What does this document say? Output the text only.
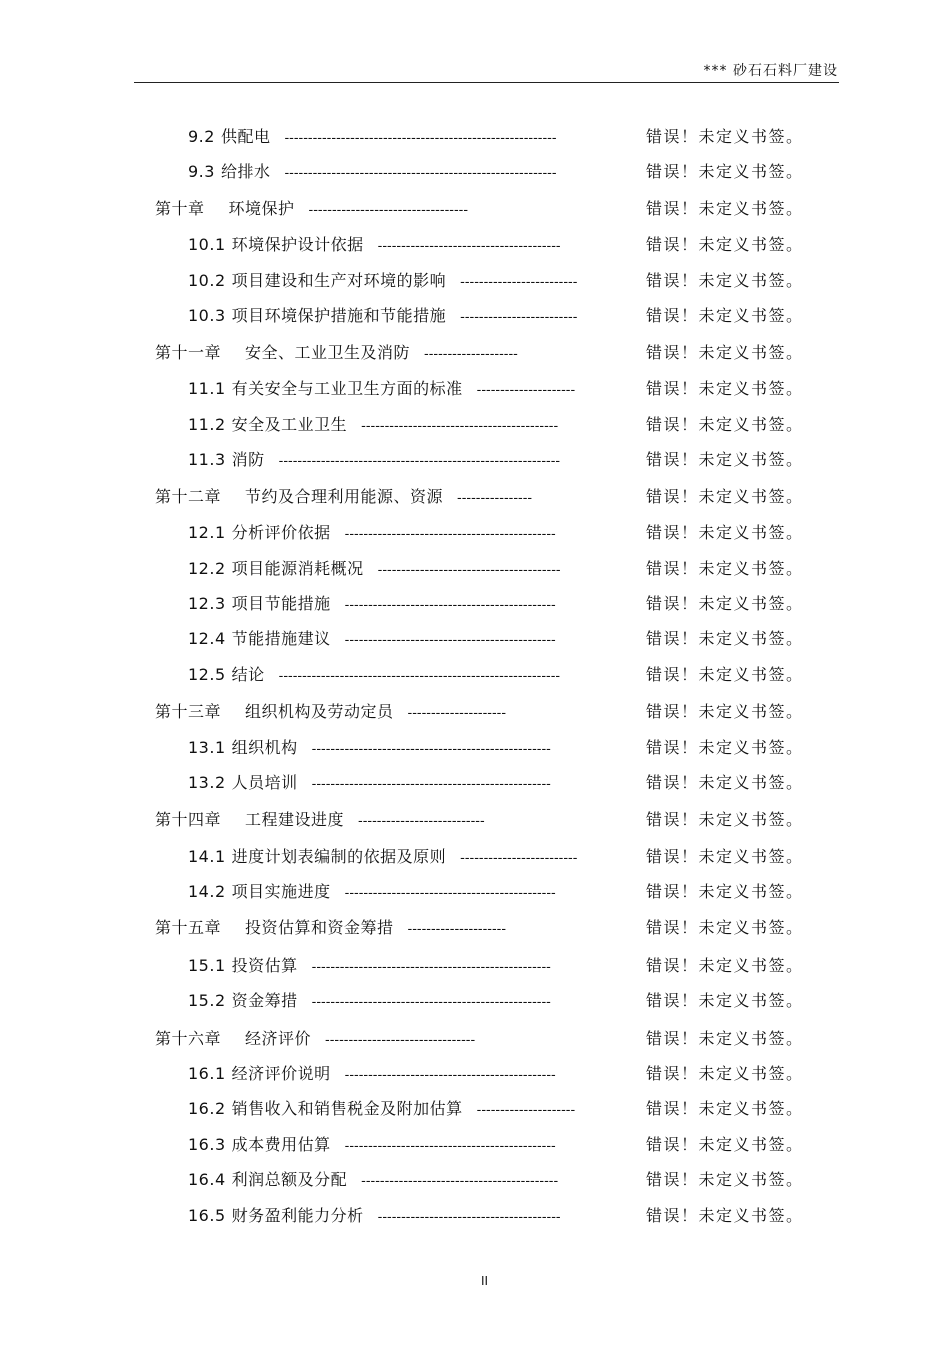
*** 砂石石料厂建设
9.2 供配电 ----------------------------------------------------------	错误！未定义书签。
9.3 给排水 ----------------------------------------------------------	错误！未定义书签。
第十章 环境保护 ----------------------------------	错误！未定义书签。
10.1 环境保护设计依据 ---------------------------------------	错误！未定义书签。
10.2 项目建设和生产对环境的影响 -------------------------	错误！未定义书签。
10.3 项目环境保护措施和节能措施 -------------------------	错误！未定义书签。
第十一章 安全、工业卫生及消防 --------------------	错误！未定义书签。
11.1 有关安全与工业卫生方面的标准 ---------------------	错误！未定义书签。
11.2 安全及工业卫生 ------------------------------------------	错误！未定义书签。
11.3 消防 ------------------------------------------------------------	错误！未定义书签。
第十二章 节约及合理利用能源、资源 ----------------	错误！未定义书签。
12.1 分析评价依据 ---------------------------------------------	错误！未定义书签。
12.2 项目能源消耗概况 ---------------------------------------	错误！未定义书签。
12.3 项目节能措施 ---------------------------------------------	错误！未定义书签。
12.4 节能措施建议 ---------------------------------------------	错误！未定义书签。
12.5 结论 ------------------------------------------------------------	错误！未定义书签。
第十三章 组织机构及劳动定员 ---------------------	错误！未定义书签。
13.1 组织机构 ---------------------------------------------------	错误！未定义书签。
13.2 人员培训 ---------------------------------------------------	错误！未定义书签。
第十四章 工程建设进度 ---------------------------	错误！未定义书签。
14.1 进度计划表编制的依据及原则 -------------------------	错误！未定义书签。
14.2 项目实施进度 ---------------------------------------------	错误！未定义书签。
第十五章 投资估算和资金筹措 ---------------------	错误！未定义书签。
15.1 投资估算 ---------------------------------------------------	错误！未定义书签。
15.2 资金筹措 ---------------------------------------------------	错误！未定义书签。
第十六章 经济评价 --------------------------------	错误！未定义书签。
16.1 经济评价说明 ---------------------------------------------	错误！未定义书签。
16.2 销售收入和销售税金及附加估算 ---------------------	错误！未定义书签。
16.3 成本费用估算 ---------------------------------------------	错误！未定义书签。
16.4 利润总额及分配 ------------------------------------------	错误！未定义书签。
16.5 财务盈利能力分析 ---------------------------------------	错误！未定义书签。
II
